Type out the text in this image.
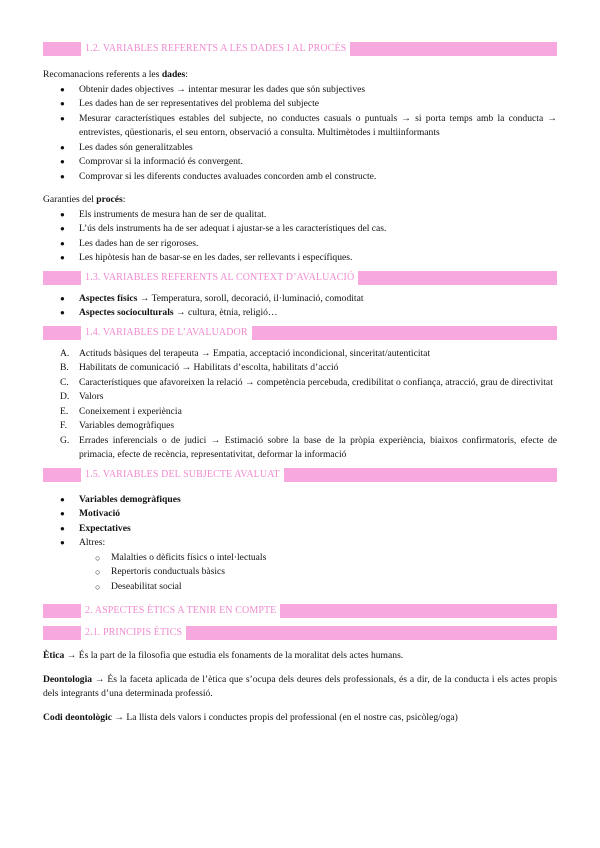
1.2. VARIABLES REFERENTS A LES DADES I AL PROCÉS

Recomanacions referents a les dades:

● Obtenir dades objectives → intentar mesurar les dades que són subjectives
● Les dades han de ser representatives del problema del subjecte
● Mesurar característiques estables del subjecte, no conductes casuals o puntuals → si porta temps amb la conducta → entrevistes, qüestionaris, el seu entorn, observació a consulta. Multimètodes i multiinformants
● Les dades són generalitzables
● Comprovar si la informació és convergent.
● Comprovar si les diferents conductes avaluades concorden amb el constructe.

Garanties del procés:

● Els instruments de mesura han de ser de qualitat.
● L’ús dels instruments ha de ser adequat i ajustar-se a les característiques del cas.
● Les dades han de ser rigoroses.
● Les hipòtesis han de basar-se en les dades, ser rellevants i específiques.
1.3. VARIABLES REFERENTS AL CONTEXT D’AVALUACIÓ
● Aspectes físics → Temperatura, soroll, decoració, il·luminació, comoditat
● Aspectes socioculturals → cultura, ètnia, religió…
1.4. VARIABLES DE L’AVALUADOR
A. Actituds bàsiques del terapeuta → Empatia, acceptació incondicional, sinceritat/autenticitat
B. Habilitats de comunicació → Habilitats d’escolta, habilitats d’acció
C. Característiques que afavoreixen la relació → competència percebuda, credibilitat o confiança, atracció, grau de directivitat
D. Valors
E. Coneixement i experiència
F. Variables demogràfiques
G. Errades inferencials o de judici → Estimació sobre la base de la pròpia experiència, biaixos confirmatoris, efecte de primacia, efecte de recència, representativitat, deformar la informació
1.5. VARIABLES DEL SUBJECTE AVALUAT
● Variables demogràfiques
● Motivació
● Expectatives
● Altres:
○ Malalties o dèficits físics o intel·lectuals
○ Repertoris conductuals bàsics
○ Deseabilitat social
2. ASPECTES ÈTICS A TENIR EN COMPTE
2.1. PRINCIPIS ÈTICS

Ètica → És la part de la filosofia que estudia els fonaments de la moralitat dels actes humans.

Deontologia → És la faceta aplicada de l’ètica que s’ocupa dels deures dels professionals, és a dir, de la conducta i els actes propis dels integrants d’una determinada professió.

Codi deontològic → La llista dels valors i conductes propis del professional (en el nostre cas, psicòleg/oga)
